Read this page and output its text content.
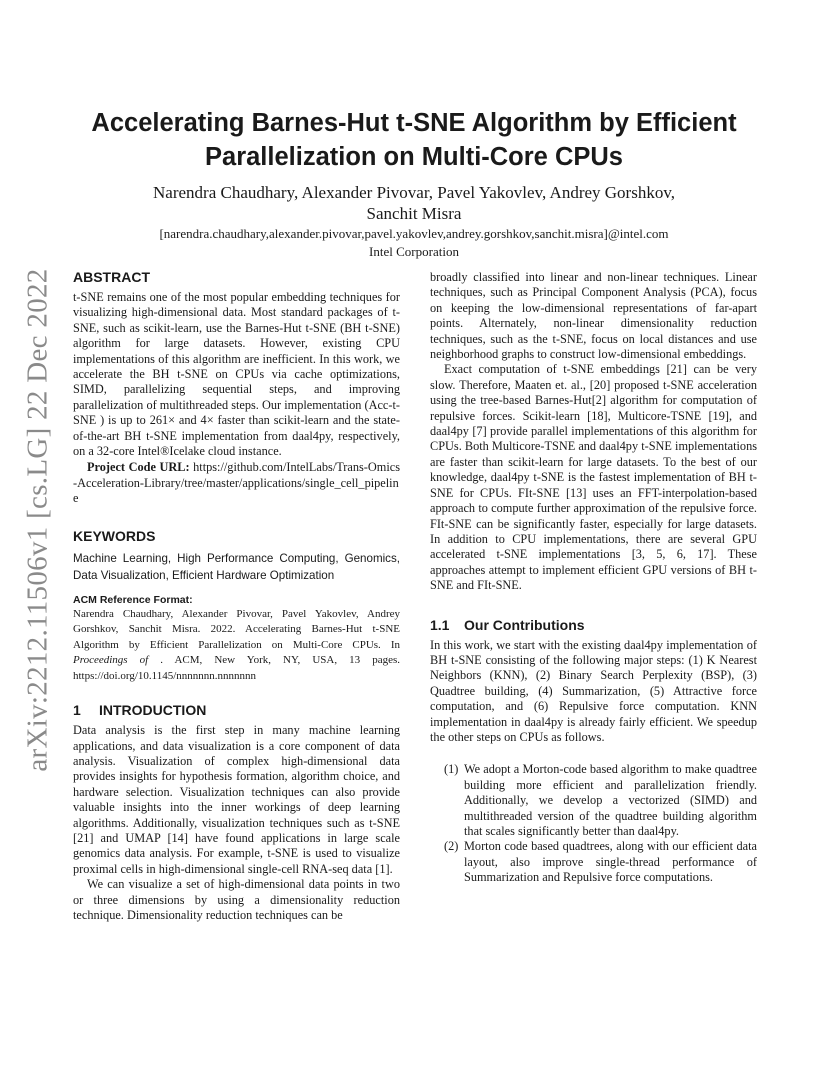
arXiv:2212.11506v1 [cs.LG] 22 Dec 2022
Accelerating Barnes-Hut t-SNE Algorithm by Efficient
Parallelization on Multi-Core CPUs
Narendra Chaudhary, Alexander Pivovar, Pavel Yakovlev, Andrey Gorshkov,
Sanchit Misra
[narendra.chaudhary,alexander.pivovar,pavel.yakovlev,andrey.gorshkov,sanchit.misra]@intel.com
Intel Corporation
ABSTRACT

t-SNE remains one of the most popular embedding techniques for visualizing high-dimensional data. Most standard packages of t-SNE, such as scikit-learn, use the Barnes-Hut t-SNE (BH t-SNE) algorithm for large datasets. However, existing CPU implementations of this algorithm are inefficient. In this work, we accelerate the BH t-SNE on CPUs via cache optimizations, SIMD, parallelizing sequential steps, and improving parallelization of multithreaded steps. Our implementation (Acc-t-SNE ) is up to 261× and 4× faster than scikit-learn and the state-of-the-art BH t-SNE implementation from daal4py, respectively, on a 32-core Intel®Icelake cloud instance.

Project Code URL: https://github.com/IntelLabs/Trans-Omics-Acceleration-Library/tree/master/applications/single_cell_pipeline

KEYWORDS

Machine Learning, High Performance Computing, Genomics, Data Visualization, Efficient Hardware Optimization

ACM Reference Format:

Narendra Chaudhary, Alexander Pivovar, Pavel Yakovlev, Andrey Gorshkov, Sanchit Misra. 2022. Accelerating Barnes-Hut t-SNE Algorithm by Efficient Parallelization on Multi-Core CPUs. In Proceedings of . ACM, New York, NY, USA, 13 pages. https://doi.org/10.1145/nnnnnnn.nnnnnnn

1 INTRODUCTION

Data analysis is the first step in many machine learning applications, and data visualization is a core component of data analysis. Visualization of complex high-dimensional data provides insights for hypothesis formation, algorithm choice, and hardware selection. Visualization techniques can also provide valuable insights into the inner workings of deep learning algorithms. Additionally, visualization techniques such as t-SNE [21] and UMAP [14] have found applications in large scale genomics data analysis. For example, t-SNE is used to visualize proximal cells in high-dimensional single-cell RNA-seq data [1].

We can visualize a set of high-dimensional data points in two or three dimensions by using a dimensionality reduction technique. Dimensionality reduction techniques can be

broadly classified into linear and non-linear techniques. Linear techniques, such as Principal Component Analysis (PCA), focus on keeping the low-dimensional representations of far-apart points. Alternately, non-linear dimensionality reduction techniques, such as the t-SNE, focus on local distances and use neighborhood graphs to construct low-dimensional embeddings.

Exact computation of t-SNE embeddings [21] can be very slow. Therefore, Maaten et. al., [20] proposed t-SNE acceleration using the tree-based Barnes-Hut[2] algorithm for computation of repulsive forces. Scikit-learn [18], Multicore-TSNE [19], and daal4py [7] provide parallel implementations of this algorithm for CPUs. Both Multicore-TSNE and daal4py t-SNE implementations are faster than scikit-learn for large datasets. To the best of our knowledge, daal4py t-SNE is the fastest implementation of BH t-SNE for CPUs. FIt-SNE [13] uses an FFT-interpolation-based approach to compute further approximation of the repulsive force. FIt-SNE can be significantly faster, especially for large datasets. In addition to CPU implementations, there are several GPU accelerated t-SNE implementations [3, 5, 6, 17]. These approaches attempt to implement efficient GPU versions of BH t-SNE and FIt-SNE.

1.1 Our Contributions

In this work, we start with the existing daal4py implementation of BH t-SNE consisting of the following major steps: (1) K Nearest Neighbors (KNN), (2) Binary Search Perplexity (BSP), (3) Quadtree building, (4) Summarization, (5) Attractive force computation, and (6) Repulsive force computation. KNN implementation in daal4py is already fairly efficient. We speedup the other steps on CPUs as follows.

(1) We adopt a Morton-code based algorithm to make quadtree building more efficient and parallelization friendly. Additionally, we develop a vectorized (SIMD) and multithreaded version of the quadtree building algorithm that scales significantly better than daal4py.
(2) Morton code based quadtrees, along with our efficient data layout, also improve single-thread performance of Summarization and Repulsive force computations.
